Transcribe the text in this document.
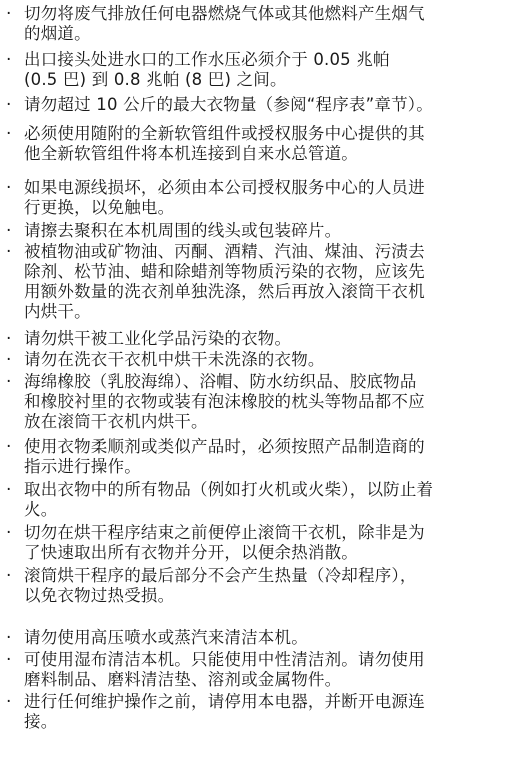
· 切勿将废气排放任何电器燃烧气体或其他燃料产生烟气
的烟道。
· 出口接头处进水口的工作水压必须介于 0.05 兆帕
(0.5 巴) 到 0.8 兆帕 (8 巴) 之间。
· 请勿超过 10 公斤的最大衣物量（参阅“程序表”章节）。
· 必须使用随附的全新软管组件或授权服务中心提供的其
他全新软管组件将本机连接到自来水总管道。
· 如果电源线损坏，必须由本公司授权服务中心的人员进
行更换，以免触电。
· 请擦去聚积在本机周围的线头或包装碎片。
· 被植物油或矿物油、丙酮、酒精、汽油、煤油、污渍去
除剂、松节油、蜡和除蜡剂等物质污染的衣物，应该先
用额外数量的洗衣剂单独洗涤，然后再放入滚筒干衣机
内烘干。
· 请勿烘干被工业化学品污染的衣物。
· 请勿在洗衣干衣机中烘干未洗涤的衣物。
· 海绵橡胶（乳胶海绵）、浴帽、防水纺织品、胶底物品
和橡胶衬里的衣物或装有泡沫橡胶的枕头等物品都不应
放在滚筒干衣机内烘干。
· 使用衣物柔顺剂或类似产品时，必须按照产品制造商的
指示进行操作。
· 取出衣物中的所有物品（例如打火机或火柴），以防止着
火。
· 切勿在烘干程序结束之前便停止滚筒干衣机，除非是为
了快速取出所有衣物并分开，以便余热消散。
· 滚筒烘干程序的最后部分不会产生热量（冷却程序），
以免衣物过热受损。
· 请勿使用高压喷水或蒸汽来清洁本机。
· 可使用湿布清洁本机。只能使用中性清洁剂。请勿使用
磨料制品、磨料清洁垫、溶剂或金属物件。
· 进行任何维护操作之前，请停用本电器，并断开电源连
接。
